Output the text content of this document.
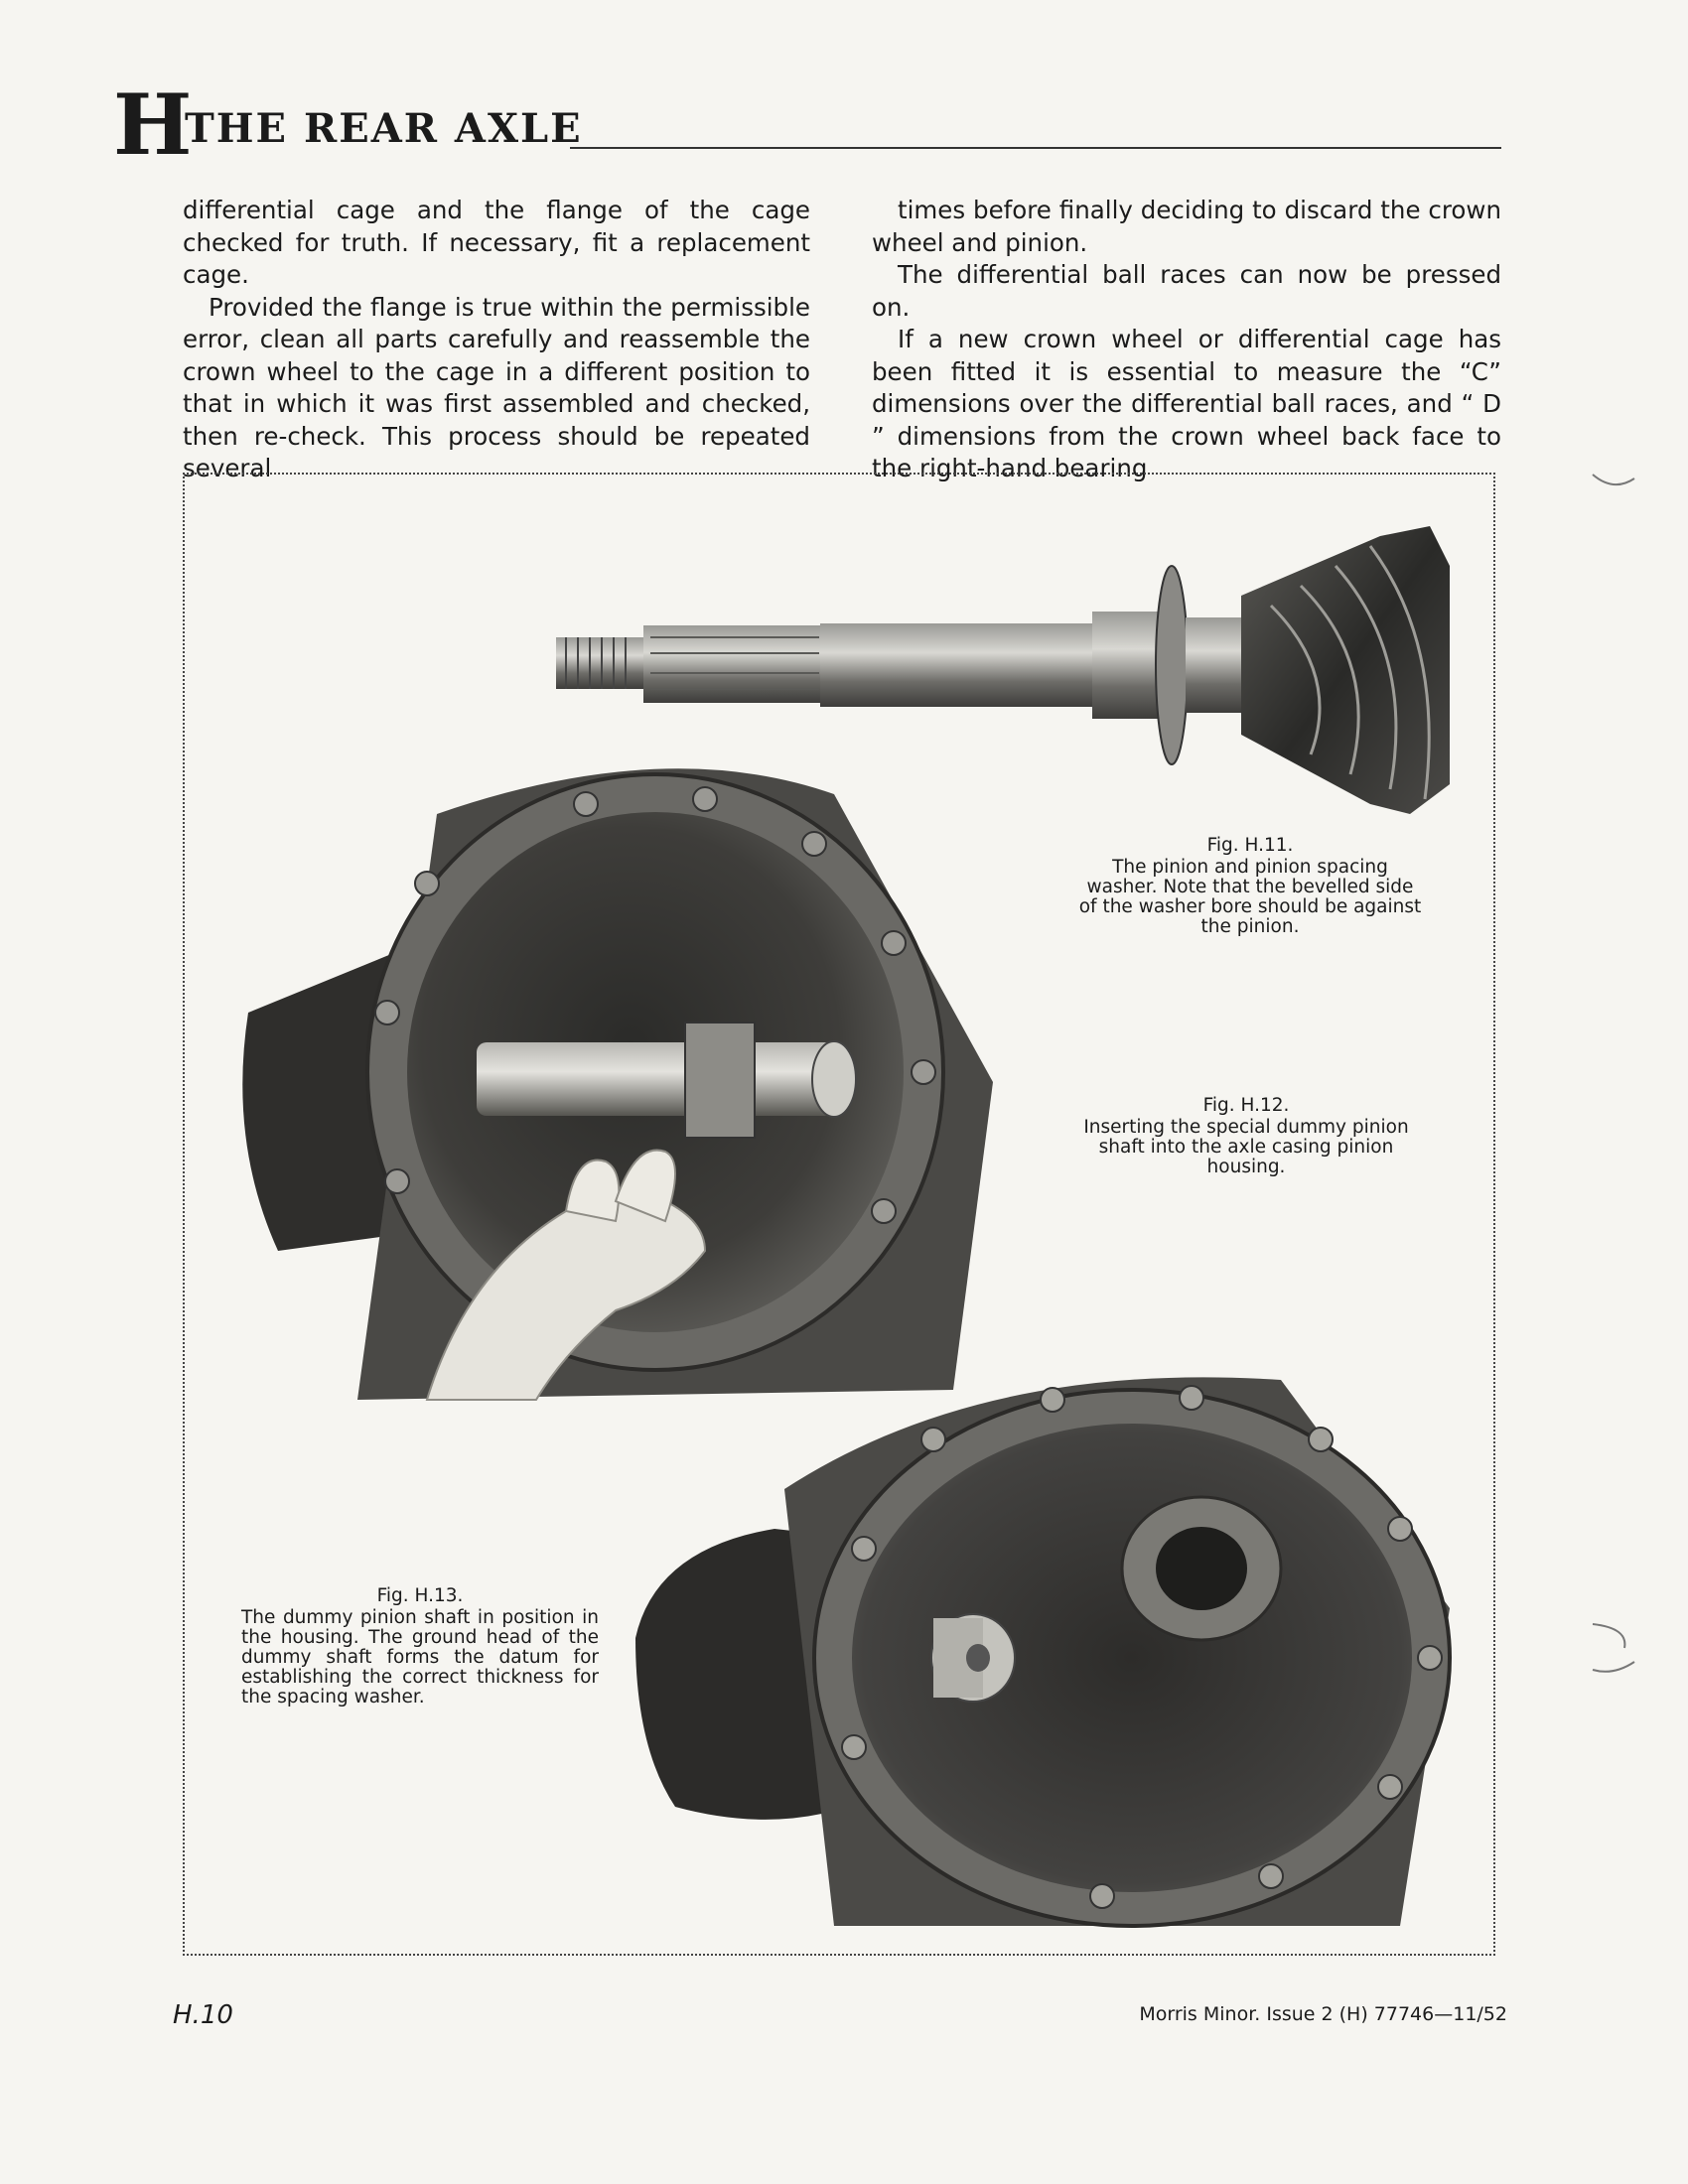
H
THE REAR AXLE

differential cage and the flange of the cage checked for truth. If necessary, fit a replacement cage.

Provided the flange is true within the permissible error, clean all parts carefully and reassemble the crown wheel to the cage in a different position to that in which it was first assembled and checked, then re-check. This process should be repeated several

times before finally deciding to discard the crown wheel and pinion.

The differential ball races can now be pressed on.

If a new crown wheel or differential cage has been fitted it is essential to measure the “C” dimensions over the differential ball races, and “ D ” dimensions from the crown wheel back face to the right-hand bearing

Fig. H.11.
The pinion and pinion spacing washer. Note that the bevelled side of the washer bore should be against the pinion.
Fig. H.12.
Inserting the special dummy pinion shaft into the axle casing pinion housing.
Fig. H.13.
The dummy pinion shaft in position in the housing. The ground head of the dummy shaft forms the datum for establishing the correct thickness for the spacing washer.
H.10	Morris Minor. Issue 2 (H) 77746—11/52
